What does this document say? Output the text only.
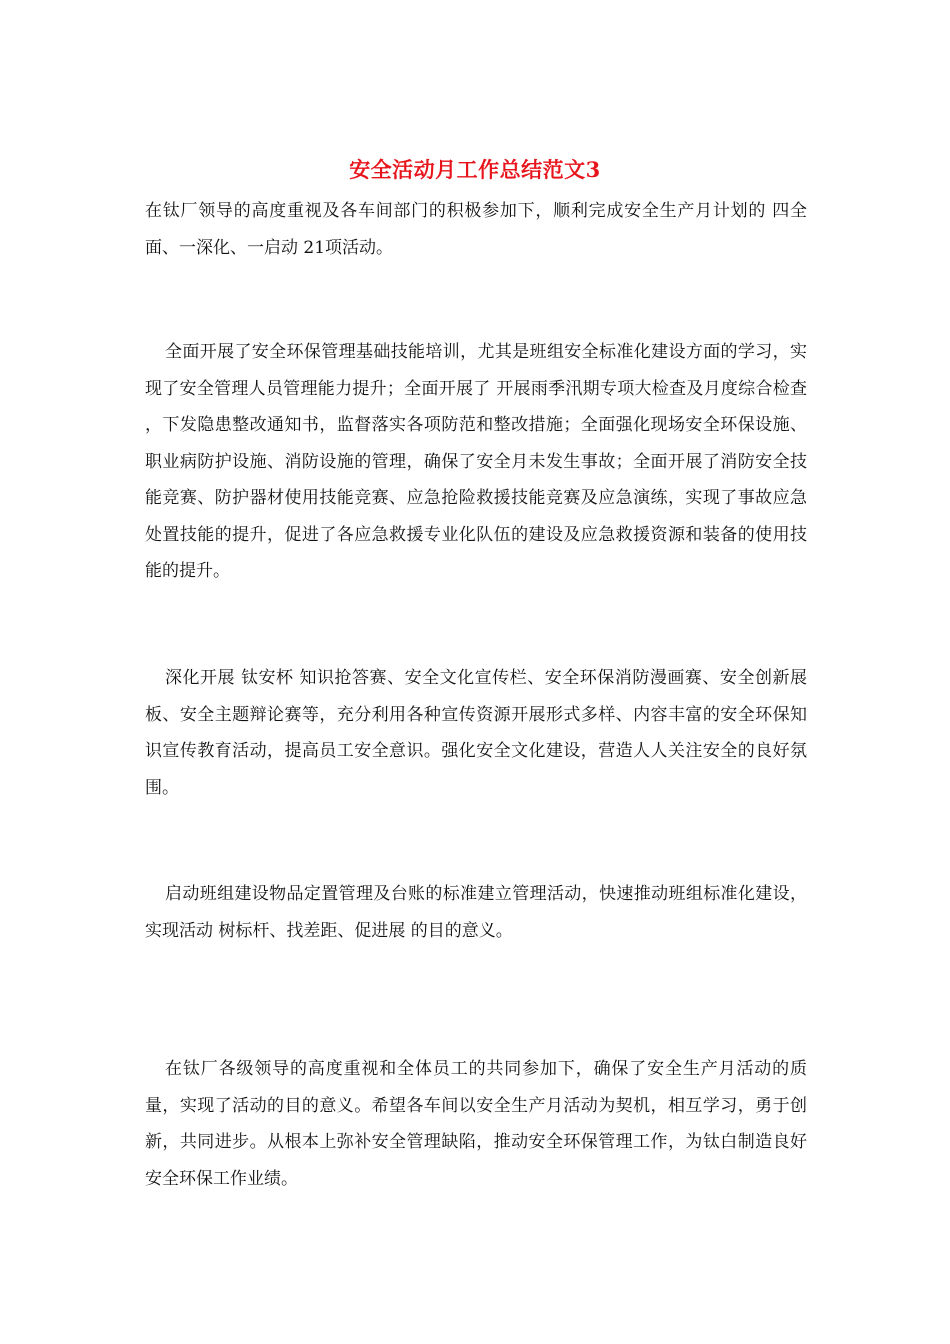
安全活动月工作总结范文3

在钛厂领导的高度重视及各车间部门的积极参加下，顺利完成安全生产月计划的 四全面、一深化、一启动 21项活动。

全面开展了安全环保管理基础技能培训，尤其是班组安全标准化建设方面的学习，实现了安全管理人员管理能力提升；全面开展了 开展雨季汛期专项大检查及月度综合检查 ，下发隐患整改通知书，监督落实各项防范和整改措施；全面强化现场安全环保设施、职业病防护设施、消防设施的管理，确保了安全月未发生事故；全面开展了消防安全技能竞赛、防护器材使用技能竞赛、应急抢险救援技能竞赛及应急演练，实现了事故应急处置技能的提升，促进了各应急救援专业化队伍的建设及应急救援资源和装备的使用技能的提升。

深化开展 钛安杯 知识抢答赛、安全文化宣传栏、安全环保消防漫画赛、安全创新展板、安全主题辩论赛等，充分利用各种宣传资源开展形式多样、内容丰富的安全环保知识宣传教育活动，提高员工安全意识。强化安全文化建设，营造人人关注安全的良好氛围。

启动班组建设物品定置管理及台账的标准建立管理活动，快速推动班组标准化建设，实现活动 树标杆、找差距、促进展 的目的意义。

在钛厂各级领导的高度重视和全体员工的共同参加下，确保了安全生产月活动的质量，实现了活动的目的意义。希望各车间以安全生产月活动为契机，相互学习，勇于创新，共同进步。从根本上弥补安全管理缺陷，推动安全环保管理工作，为钛白制造良好安全环保工作业绩。
